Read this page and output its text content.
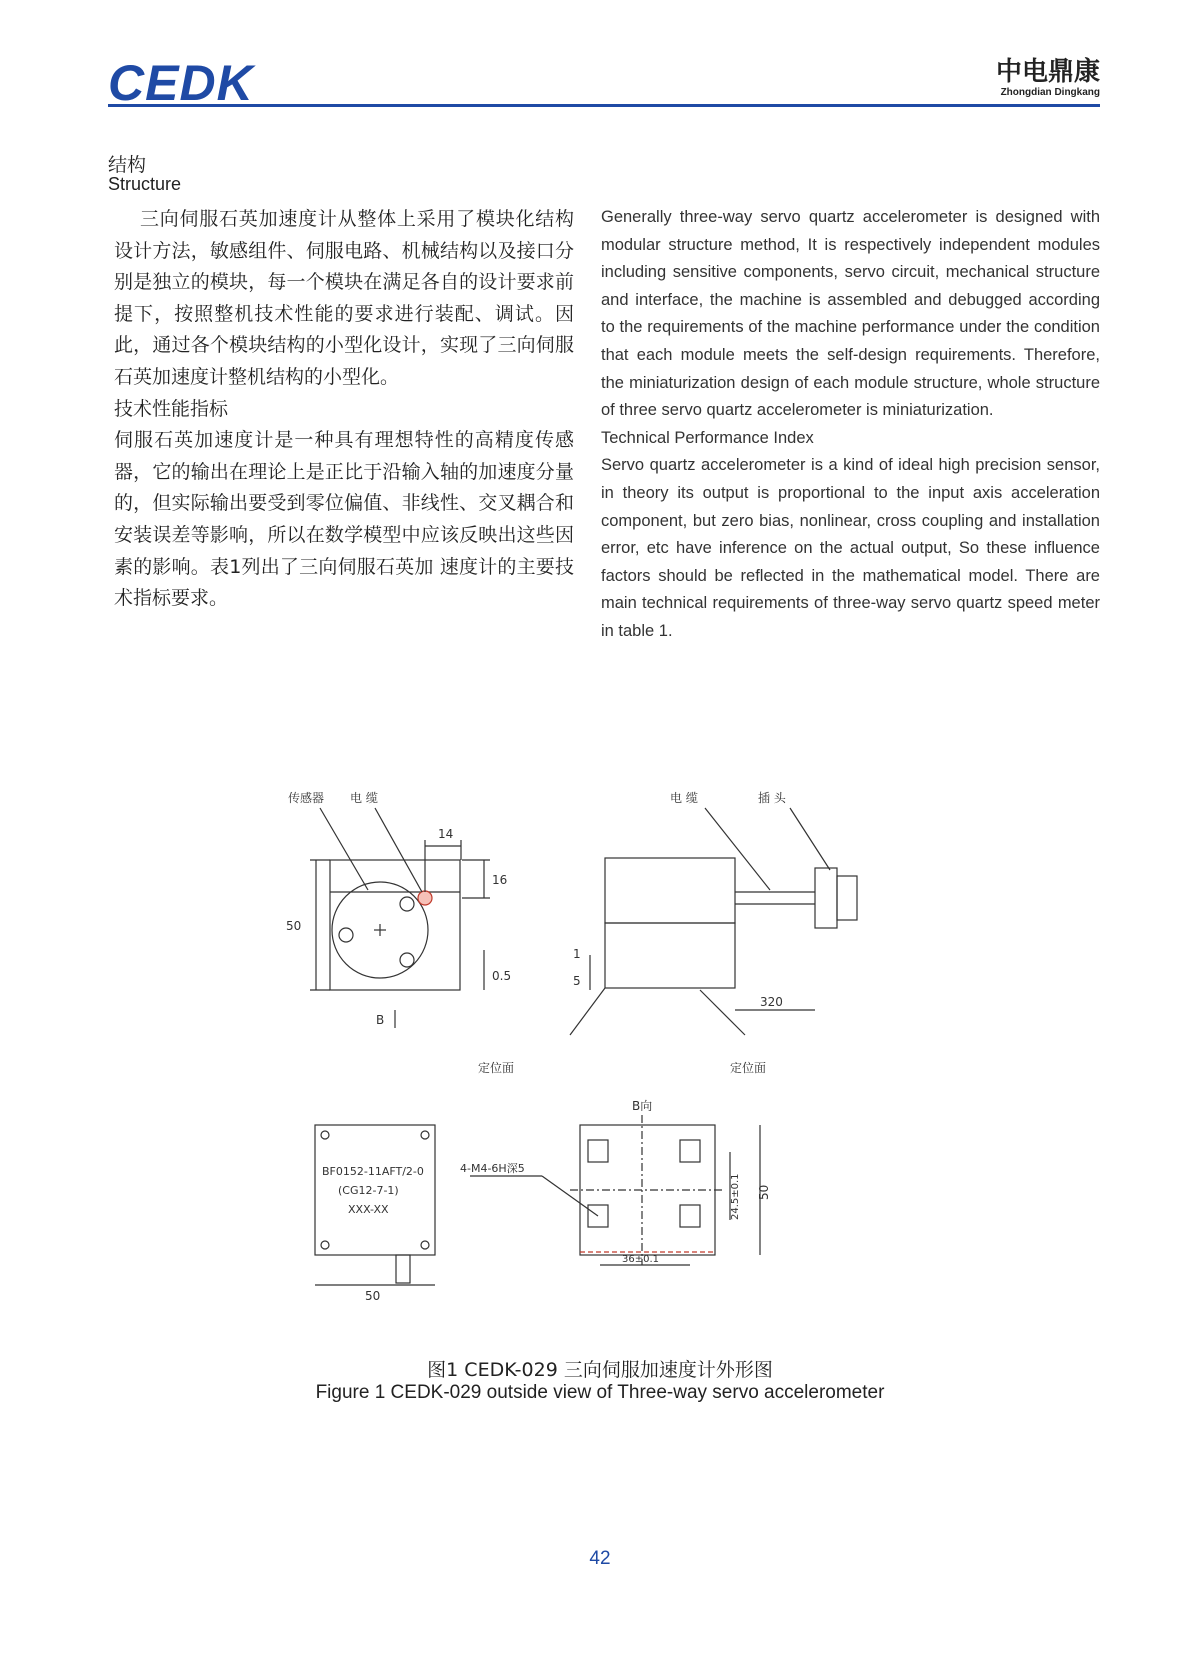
CEDK	中电鼎康
Zhongdian Dingkang
结构
Structure

三向伺服石英加速度计从整体上采用了模块化结构设计方法，敏感组件、伺服电路、机械结构以及接口分别是独立的模块，每一个模块在满足各自的设计要求前提下，按照整机技术性能的要求进行装配、调试。因此，通过各个模块结构的小型化设计，实现了三向伺服石英加速度计整机结构的小型化。

技术性能指标

伺服石英加速度计是一种具有理想特性的高精度传感器，它的输出在理论上是正比于沿输入轴的加速度分量的，但实际输出要受到零位偏值、非线性、交叉耦合和安装误差等影响，所以在数学模型中应该反映出这些因素的影响。表1列出了三向伺服石英加 速度计的主要技术指标要求。

Generally three-way servo quartz accelerometer is designed with modular structure method, It is respectively independent modules including sensitive components, servo circuit, mechanical structure and interface, the machine is assembled and debugged according to the requirements of the machine performance under the condition that each module meets the self-design requirements. Therefore, the miniaturization design of each module structure, whole structure of three servo quartz accelerometer is miniaturization.

Technical Performance Index

Servo quartz accelerometer is a kind of ideal high precision sensor, in theory its output is proportional to the input axis acceleration component, but zero bias, nonlinear, cross coupling and installation error, etc have inference on the actual output, So these influence factors should be reflected in the mathematical model. There are main technical requirements of three-way servo quartz speed meter in table 1.

传感器 电 缆
14
16
50
0.5
B
定位面
1
5
电 缆	插 头
320
定位面
B向
BF0152-11AFT/2-0
(CG12-7-1)
XXX-XX
50
4-M4-6H深5
24.5±0.1 50
36±0.1
图1 CEDK-029 三向伺服加速度计外形图
Figure 1 CEDK-029 outside view of Three-way servo accelerometer
42
